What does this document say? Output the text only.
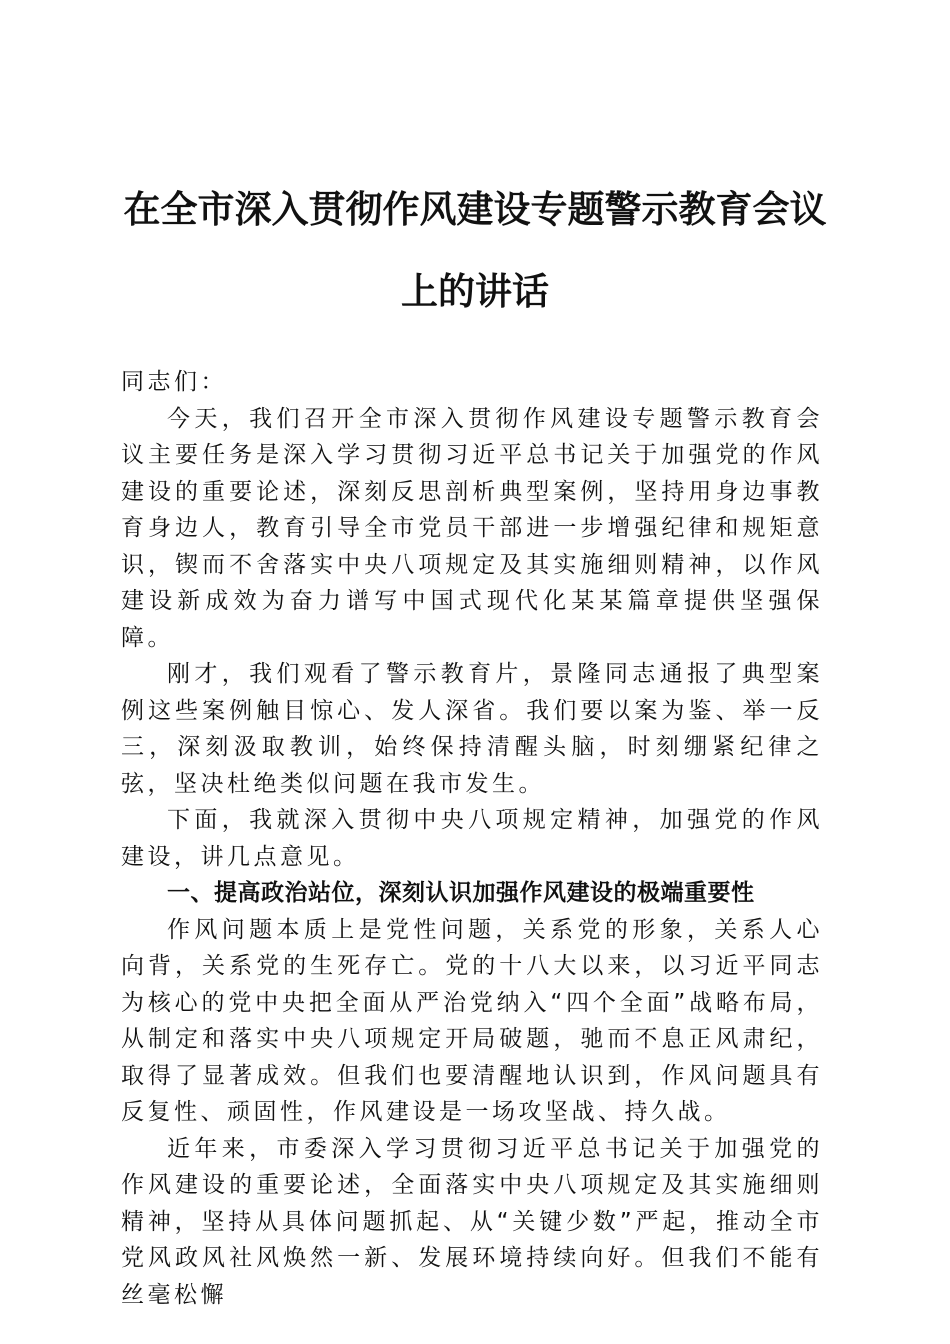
在全市深入贯彻作风建设专题警示教育会议上的讲话

同志们：

今天，我们召开全市深入贯彻作风建设专题警示教育会议主要任务是深入学习贯彻习近平总书记关于加强党的作风建设的重要论述，深刻反思剖析典型案例，坚持用身边事教育身边人，教育引导全市党员干部进一步增强纪律和规矩意识，锲而不舍落实中央八项规定及其实施细则精神，以作风建设新成效为奋力谱写中国式现代化某某篇章提供坚强保障。

刚才，我们观看了警示教育片，景隆同志通报了典型案例这些案例触目惊心、发人深省。我们要以案为鉴、举一反三，深刻汲取教训，始终保持清醒头脑，时刻绷紧纪律之弦，坚决杜绝类似问题在我市发生。

下面，我就深入贯彻中央八项规定精神，加强党的作风建设，讲几点意见。

一、提高政治站位，深刻认识加强作风建设的极端重要性

作风问题本质上是党性问题，关系党的形象，关系人心向背，关系党的生死存亡。党的十八大以来，以习近平同志为核心的党中央把全面从严治党纳入“四个全面”战略布局，从制定和落实中央八项规定开局破题，驰而不息正风肃纪，取得了显著成效。但我们也要清醒地认识到，作风问题具有反复性、顽固性，作风建设是一场攻坚战、持久战。

近年来，市委深入学习贯彻习近平总书记关于加强党的作风建设的重要论述，全面落实中央八项规定及其实施细则精神，坚持从具体问题抓起、从“关键少数”严起，推动全市党风政风社风焕然一新、发展环境持续向好。但我们不能有丝毫松懈
